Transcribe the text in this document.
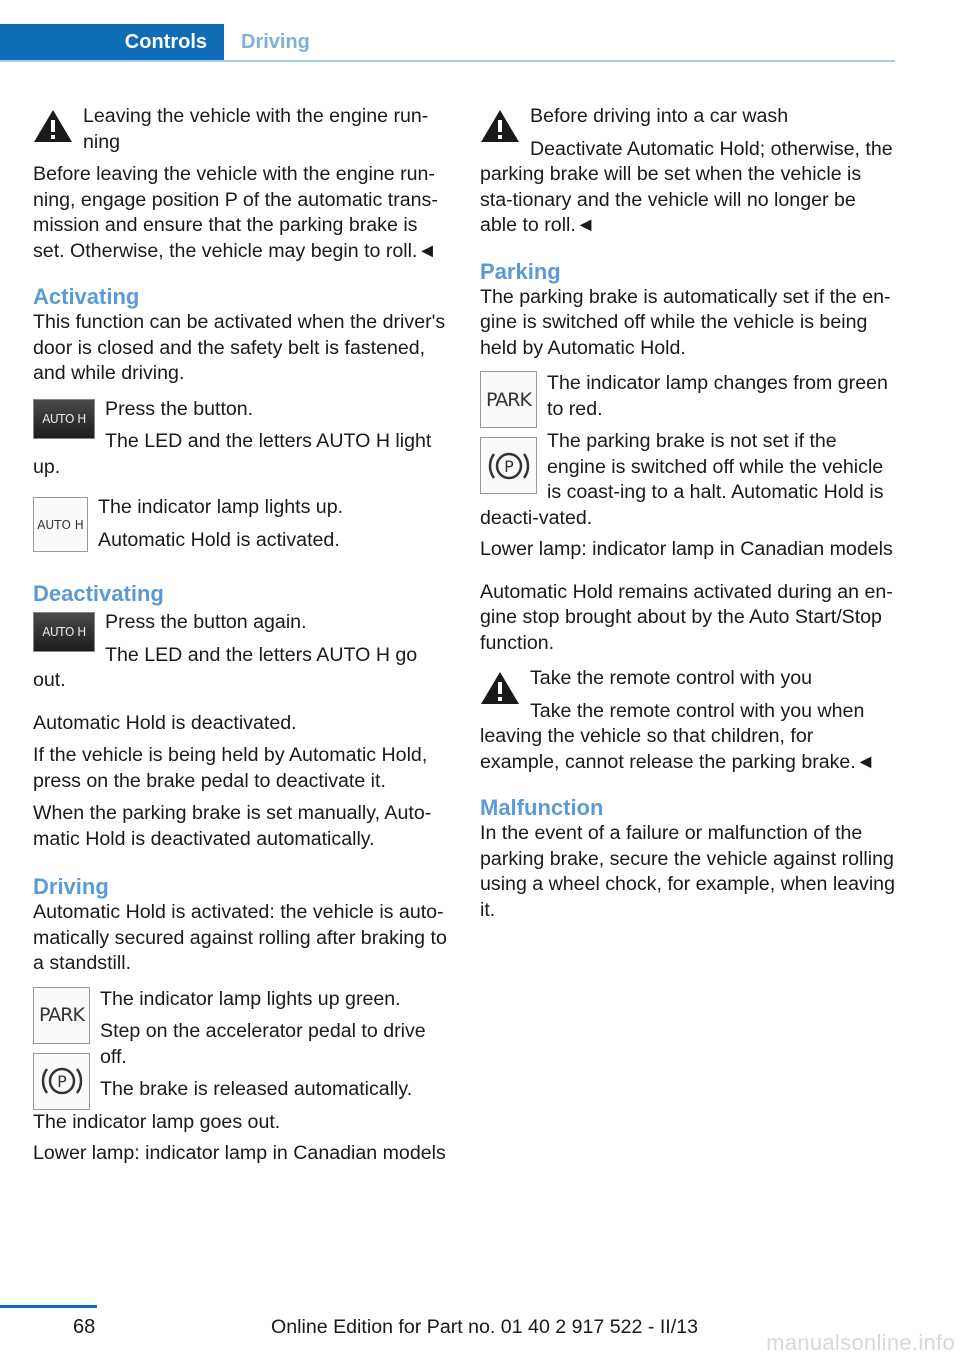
Controls	Driving

Leaving the vehicle with the engine run-ning

Before leaving the vehicle with the engine run-ning, engage position P of the automatic trans-mission and ensure that the parking brake is set. Otherwise, the vehicle may begin to roll.◄

Activating

This function can be activated when the driver's door is closed and the safety belt is fastened, and while driving.

AUTO H Press the button.

The LED and the letters AUTO H light up.

AUTO H

The indicator lamp lights up.

Automatic Hold is activated.

Deactivating
AUTO H Press the button again.

The LED and the letters AUTO H go out.

Automatic Hold is deactivated.

If the vehicle is being held by Automatic Hold, press on the brake pedal to deactivate it.

When the parking brake is set manually, Auto-matic Hold is deactivated automatically.

Driving

Automatic Hold is activated: the vehicle is auto-matically secured against rolling after braking to a standstill.

PARK
P

The indicator lamp lights up green.

Step on the accelerator pedal to drive off.

The brake is released automatically.

The indicator lamp goes out.

Lower lamp: indicator lamp in Canadian models

Before driving into a car wash

Deactivate Automatic Hold; otherwise, the parking brake will be set when the vehicle is sta-tionary and the vehicle will no longer be able to roll.◄

Parking

The parking brake is automatically set if the en-gine is switched off while the vehicle is being held by Automatic Hold.

PARK
P

The indicator lamp changes from green to red.

The parking brake is not set if the engine is switched off while the vehicle is coast-ing to a halt. Automatic Hold is deacti-vated.

Lower lamp: indicator lamp in Canadian models

Automatic Hold remains activated during an en-gine stop brought about by the Auto Start/Stop function.

Take the remote control with you

Take the remote control with you when leaving the vehicle so that children, for example, cannot release the parking brake.◄

Malfunction

In the event of a failure or malfunction of the parking brake, secure the vehicle against rolling using a wheel chock, for example, when leaving it.

68	Online Edition for Part no. 01 40 2 917 522 - II/13
manualsonline.info
